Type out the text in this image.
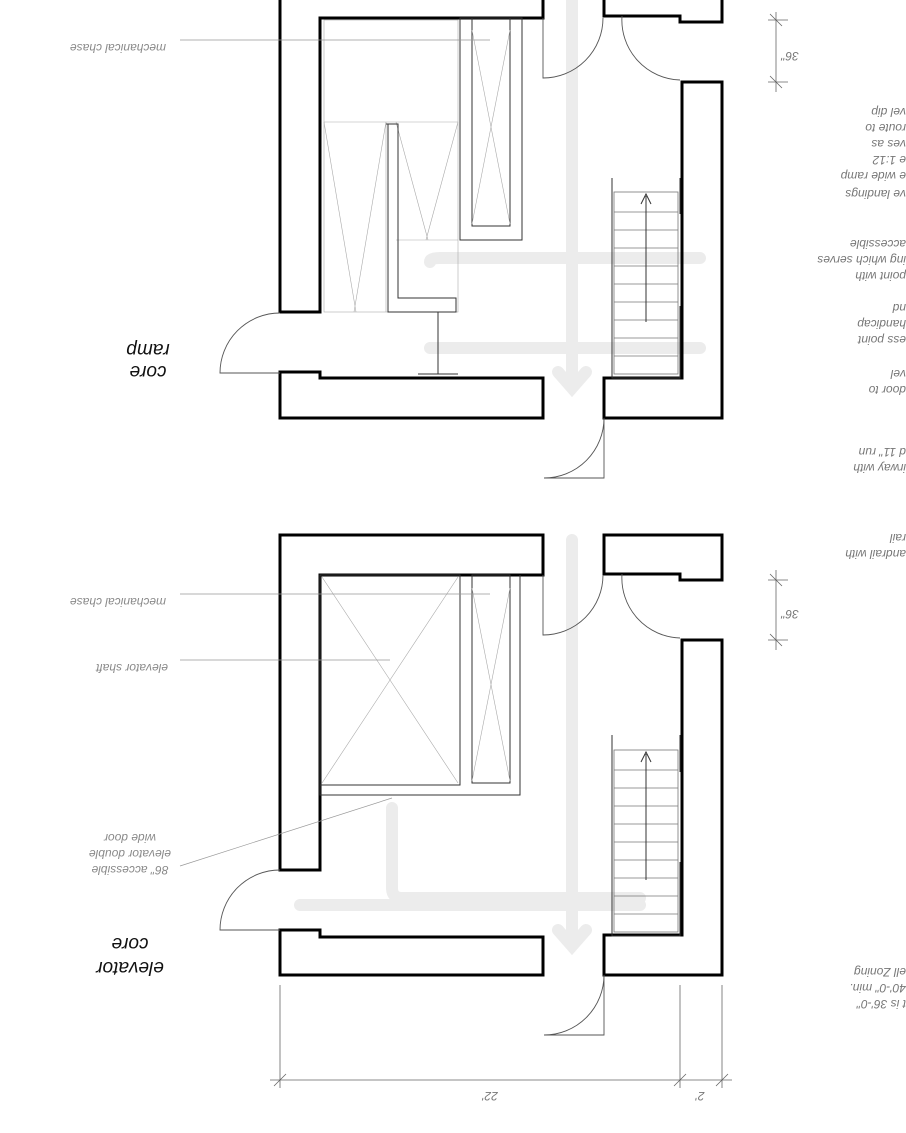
36"
mechanical chase
ramp
core
36"
mechanical chase
elevator shaft
wide door
elevator double
86" accessible
core
elevator
22'	2'
ve landings
e wide ramp
e 1:12
ves as
route to
vel dip
accessible
ing which serves
point with
ess point
handicap
nd
door to
vel
irway with
d 11" run
andrail with
rail
t is 36'-0"
40'-0" min.
ell Zoning
